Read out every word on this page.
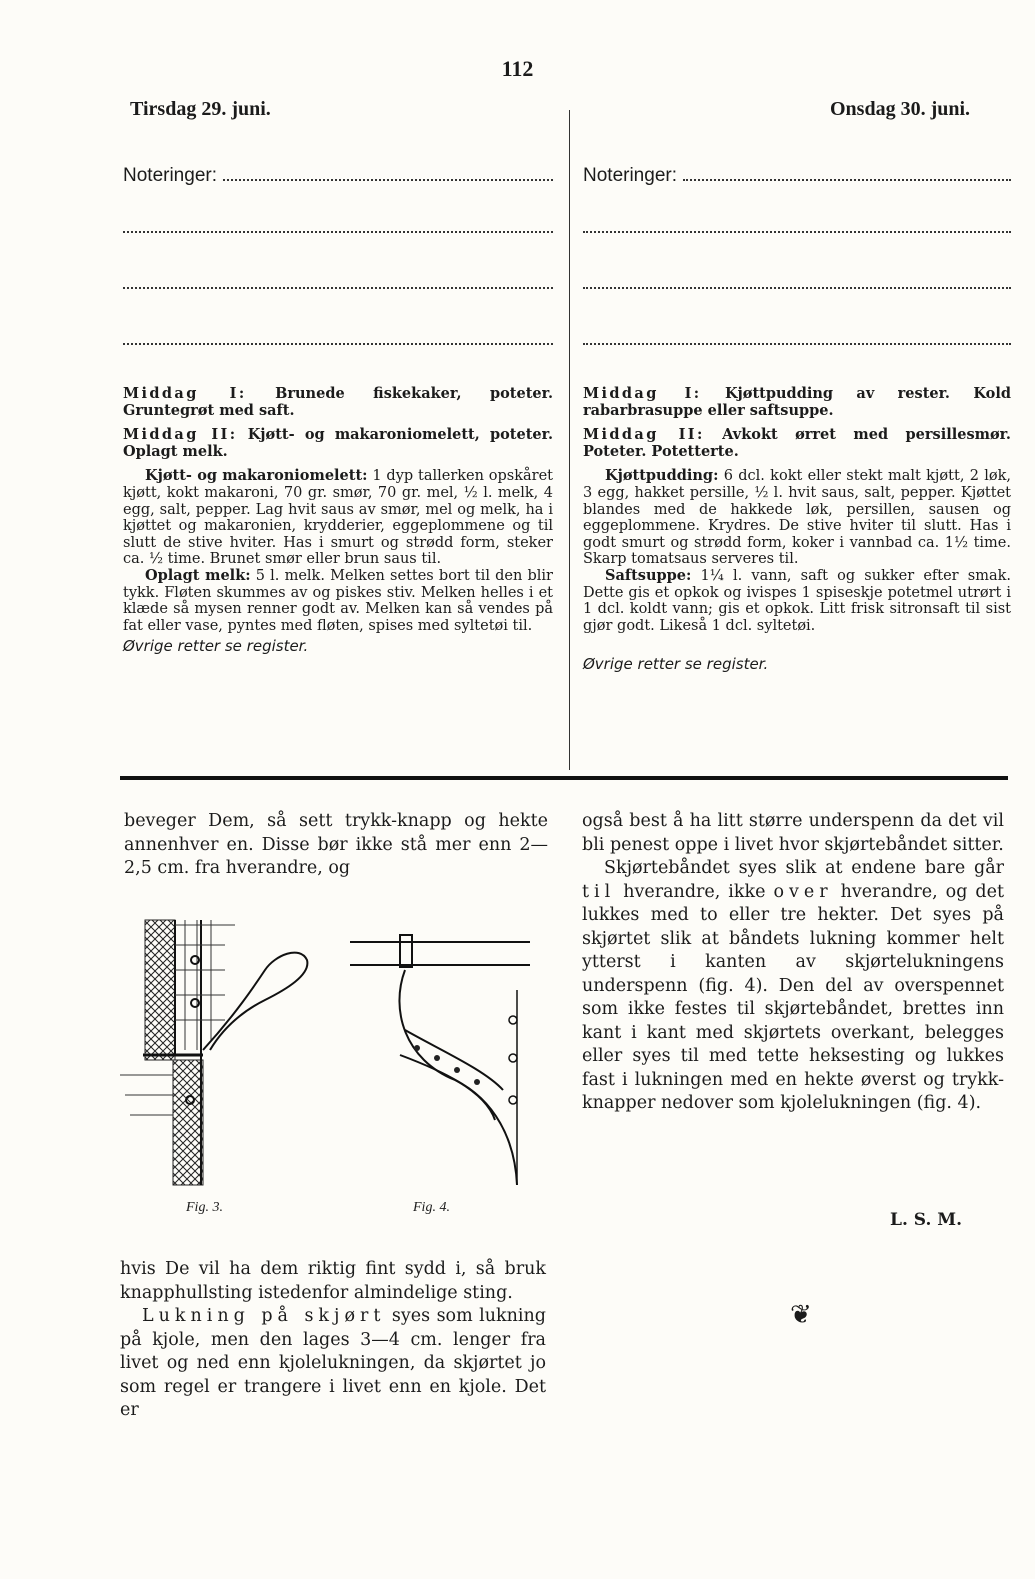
112
Tirsdag 29. juni.
Noteringer:

Middag I: Brunede fiskekaker, poteter. Gruntegrøt med saft.

Middag II: Kjøtt- og makaroniomelett, poteter. Oplagt melk.

Kjøtt- og makaroniomelett: 1 dyp tallerken opskåret kjøtt, kokt makaroni, 70 gr. smør, 70 gr. mel, ½ l. melk, 4 egg, salt, pepper. Lag hvit saus av smør, mel og melk, ha i kjøttet og makaronien, krydderier, eggeplommene og til slutt de stive hviter. Has i smurt og strødd form, steker ca. ½ time. Brunet smør eller brun saus til.

Oplagt melk: 5 l. melk. Melken settes bort til den blir tykk. Fløten skummes av og piskes stiv. Melken helles i et klæde så mysen renner godt av. Melken kan så vendes på fat eller vase, pyntes med fløten, spises med syltetøi til.

Øvrige retter se register.

Onsdag 30. juni.
Noteringer:

Middag I: Kjøttpudding av rester. Kold rabarbrasuppe eller saftsuppe.

Middag II: Avkokt ørret med persillesmør. Poteter. Potetterte.

Kjøttpudding: 6 dcl. kokt eller stekt malt kjøtt, 2 løk, 3 egg, hakket persille, ½ l. hvit saus, salt, pepper. Kjøttet blandes med de hakkede løk, persillen, sausen og eggeplommene. Krydres. De stive hviter til slutt. Has i godt smurt og strødd form, koker i vannbad ca. 1½ time. Skarp tomatsaus serveres til.

Saftsuppe: 1¼ l. vann, saft og sukker efter smak. Dette gis et opkok og ivispes 1 spiseskje potetmel utrørt i 1 dcl. koldt vann; gis et opkok. Litt frisk sitronsaft til sist gjør godt. Likeså 1 dcl. syltetøi.

Øvrige retter se register.

beveger Dem, så sett trykk-knapp og hekte annenhver en. Disse bør ikke stå mer enn 2—2,5 cm. fra hverandre, og

Fig. 3.	Fig. 4.

hvis De vil ha dem riktig fint sydd i, så bruk knapphullsting istedenfor almindelige sting.

Lukning på skjørt syes som lukning på kjole, men den lages 3—4 cm. lenger fra livet og ned enn kjolelukningen, da skjørtet jo som regel er trangere i livet enn en kjole. Det er

også best å ha litt større underspenn da det vil bli penest oppe i livet hvor skjørtebåndet sitter.

Skjørtebåndet syes slik at endene bare går til hverandre, ikke over hverandre, og det lukkes med to eller tre hekter. Det syes på skjørtet slik at båndets lukning kommer helt ytterst i kanten av skjørtelukningens underspenn (fig. 4). Den del av overspennet som ikke festes til skjørtebåndet, brettes inn kant i kant med skjørtets overkant, belegges eller syes til med tette heksesting og lukkes fast i lukningen med en hekte øverst og trykk-knapper nedover som kjolelukningen (fig. 4).

L. S. M.
❦
